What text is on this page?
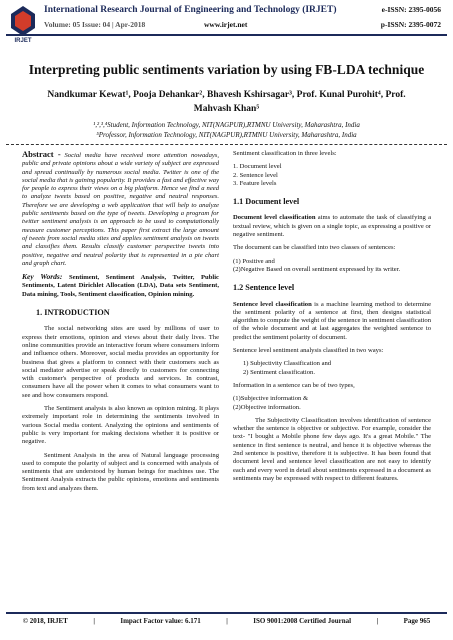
IRJET
International Research Journal of Engineering and Technology (IRJET)
Volume: 05 Issue: 04 | Apr-2018	www.irjet.net
e-ISSN: 2395-0056
p-ISSN: 2395-0072
Interpreting public sentiments variation by using FB-LDA technique
Nandkumar Kewat¹, Pooja Dehankar², Bhavesh Kshirsagar³, Prof. Kunal Purohit⁴, Prof. Mahvash Khan⁵
¹,²,³,⁴Student, Information Technology, NIT(NAGPUR),RTMNU University, Maharashtra, India
⁵Professor, Information Technology, NIT(NAGPUR),RTMNU University, Maharashtra, India

Abstract - Social media have received more attention nowadays, public and private opinions about a wide variety of subject are expressed and spread continually by numerous social media. Twitter is one of the social media that is gaining popularity. It provides a fast and effective way for people to express their views on a big platform. Hence we find a need to analyze tweets based on positive, negative and neutral responses. Therefore we are developing a web application that will help to analyze public sentiments based on the type of tweets. Developing a program for twitter sentiment analysis is an approach to be used to computationally measure customer perceptions. This paper first extract the large amount of tweets from social media sites and applies sentiment analysis on tweets and classifies them. Results classify customer perspective tweets into positive, negative and neutral polarity that is represented in a pie chart and graph chart.

Key Words: Sentiment, Sentiment Analysis, Twitter, Public Sentiments, Latent Dirichlet Allocation (LDA), Data sets Sentiment, Data mining, Tools, Sentiment classification, Opinion mining.

1. INTRODUCTION

The social networking sites are used by millions of user to express their emotions, opinion and views about their daily lives. The online communities provide an interactive forum where consumers inform and influence others. Moreover, social media provides an opportunity for business that gives a platform to connect with their customers such as social mediator advertise or speak directly to customers for connecting with customer's perspective of products and services. In contrast, consumers have all the power when it comes to what consumers want to see and how consumers respond.

The Sentiment analysis is also known as opinion mining. It plays extremely important role in determining the sentiments involved in various Social media content. Analyzing the opinions and sentiments of public is very important for making decisions whether it is positive or negative.

Sentiment Analysis in the area of Natural language processing used to compute the polarity of subject and is concerned with analysis of sentiments that are understood by human beings for machines use. The Sentiment Analysis extracts the public opinions, emotions and sentiments from text and analyzes them.

Sentiment classification in three levels:

1. Document level
2. Sentence level
3. Feature levels
1.1 Document level

Document level classification aims to automate the task of classifying a textual review, which is given on a single topic, as expressing a positive or negative sentiment.

The document can be classified into two classes of sentences:

(1) Positive and
(2)Negative Based on overall sentiment expressed by its writer.
1.2 Sentence level

Sentence level classification is a machine learning method to determine the sentiment polarity of a sentence at first, then designs statistical algorithm to compute the weight of the sentence in sentiment classification of the whole document and at last aggregates the weighted sentence to predict the sentiment polarity of document.

Sentence level sentiment analysis classified in two ways:

1) Subjectivity Classification and
2) Sentiment classification.

Information in a sentence can be of two types,

(1)Subjective information &
(2)Objective information.

The Subjectivity Classification involves identification of sentence whether the sentence is objective or subjective. For example, consider the text- "I bought a Mobile phone few days ago. It's a great Mobile." The sentence in first sentence is neutral, and hence it is objective whereas the 2nd sentence is positive, therefore it is subjective. It has been found that document level and sentence level classification are not easy to identify each and every word in detail about sentiments expressed in a document as sentiments may be expressed with respect to different features.

© 2018, IRJET	|	Impact Factor value: 6.171	|	ISO 9001:2008 Certified Journal	|	Page 965
